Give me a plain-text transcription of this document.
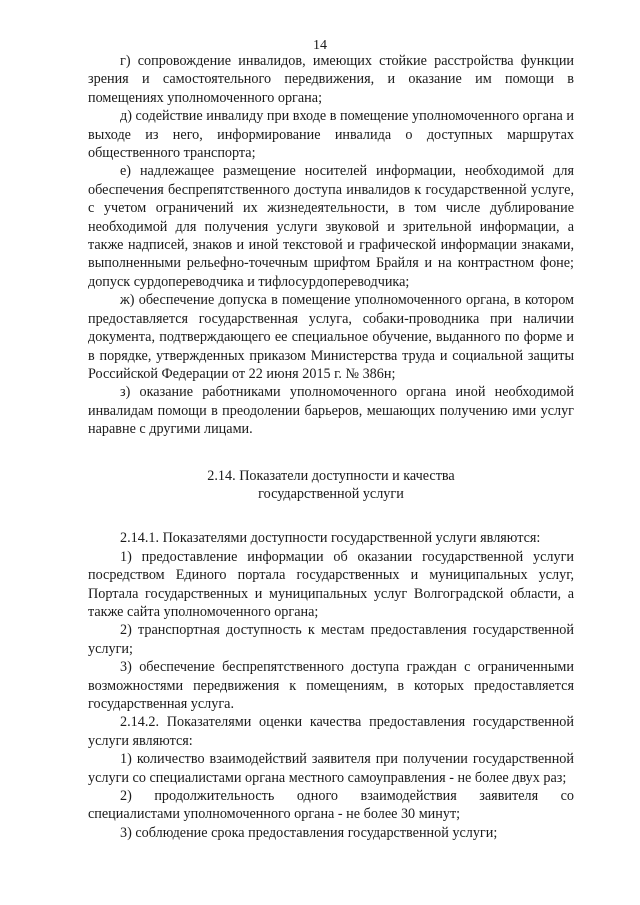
14

г) сопровождение инвалидов, имеющих стойкие расстройства функции зрения и самостоятельного передвижения, и оказание им помощи в помещениях уполномоченного органа;

д) содействие инвалиду при входе в помещение уполномоченного органа и выходе из него, информирование инвалида о доступных маршрутах общественного транспорта;

е) надлежащее размещение носителей информации, необходимой для обеспечения беспрепятственного доступа инвалидов к государственной услуге, с учетом ограничений их жизнедеятельности, в том числе дублирование необходимой для получения услуги звуковой и зрительной информации, а также надписей, знаков и иной текстовой и графической информации знаками, выполненными рельефно-точечным шрифтом Брайля и на контрастном фоне; допуск сурдопереводчика и тифлосурдопереводчика;

ж) обеспечение допуска в помещение уполномоченного органа, в котором предоставляется государственная услуга, собаки-проводника при наличии документа, подтверждающего ее специальное обучение, выданного по форме и в порядке, утвержденных приказом Министерства труда и социальной защиты Российской Федерации от 22 июня 2015 г. № 386н;

з) оказание работниками уполномоченного органа иной необходимой инвалидам помощи в преодолении барьеров, мешающих получению ими услуг наравне с другими лицами.

2.14. Показатели доступности и качества
государственной услуги

2.14.1. Показателями доступности государственной услуги являются:

1) предоставление информации об оказании государственной услуги посредством Единого портала государственных и муниципальных услуг, Портала государственных и муниципальных услуг Волгоградской области, а также сайта уполномоченного органа;

2) транспортная доступность к местам предоставления государственной услуги;

3) обеспечение беспрепятственного доступа граждан с ограниченными возможностями передвижения к помещениям, в которых предоставляется государственная услуга.

2.14.2. Показателями оценки качества предоставления государственной услуги являются:

1) количество взаимодействий заявителя при получении государственной услуги со специалистами органа местного самоуправления - не более двух раз;

2) продолжительность одного взаимодействия заявителя со специалистами уполномоченного органа - не более 30 минут;

3) соблюдение срока предоставления государственной услуги;
